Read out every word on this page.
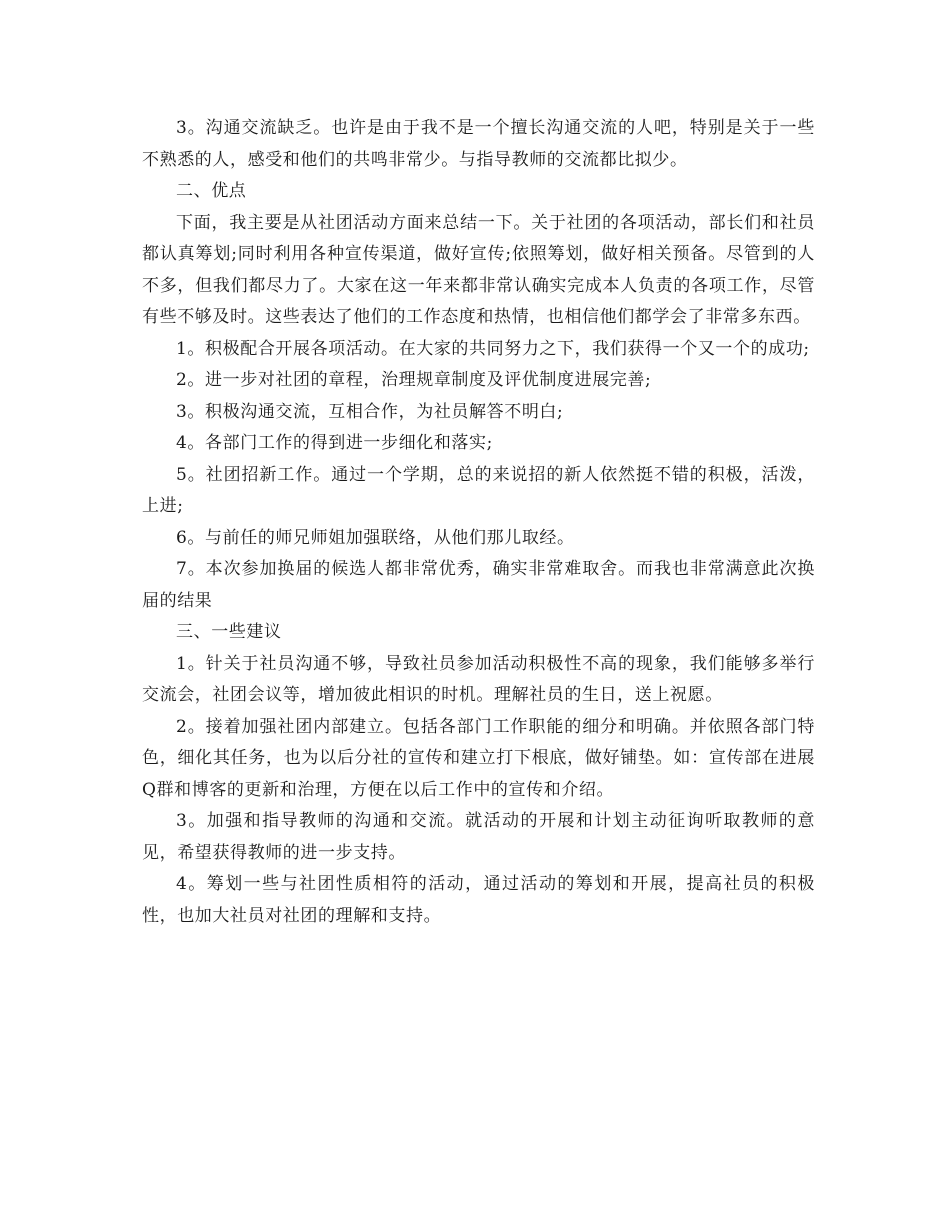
3。沟通交流缺乏。也许是由于我不是一个擅长沟通交流的人吧，特别是关于一些不熟悉的人，感受和他们的共鸣非常少。与指导教师的交流都比拟少。

二、优点

下面，我主要是从社团活动方面来总结一下。关于社团的各项活动，部长们和社员都认真筹划;同时利用各种宣传渠道，做好宣传;依照筹划，做好相关预备。尽管到的人不多，但我们都尽力了。大家在这一年来都非常认确实完成本人负责的各项工作，尽管有些不够及时。这些表达了他们的工作态度和热情，也相信他们都学会了非常多东西。

1。积极配合开展各项活动。在大家的共同努力之下，我们获得一个又一个的成功;

2。进一步对社团的章程，治理规章制度及评优制度进展完善;

3。积极沟通交流，互相合作，为社员解答不明白;

4。各部门工作的得到进一步细化和落实;

5。社团招新工作。通过一个学期，总的来说招的新人依然挺不错的积极，活泼，上进;

6。与前任的师兄师姐加强联络，从他们那儿取经。

7。本次参加换届的候选人都非常优秀，确实非常难取舍。而我也非常满意此次换届的结果

三、一些建议

1。针关于社员沟通不够，导致社员参加活动积极性不高的现象，我们能够多举行交流会，社团会议等，增加彼此相识的时机。理解社员的生日，送上祝愿。

2。接着加强社团内部建立。包括各部门工作职能的细分和明确。并依照各部门特色，细化其任务，也为以后分社的宣传和建立打下根底，做好铺垫。如：宣传部在进展Q群和博客的更新和治理，方便在以后工作中的宣传和介绍。

3。加强和指导教师的沟通和交流。就活动的开展和计划主动征询听取教师的意见，希望获得教师的进一步支持。

4。筹划一些与社团性质相符的活动，通过活动的筹划和开展，提高社员的积极性，也加大社员对社团的理解和支持。
